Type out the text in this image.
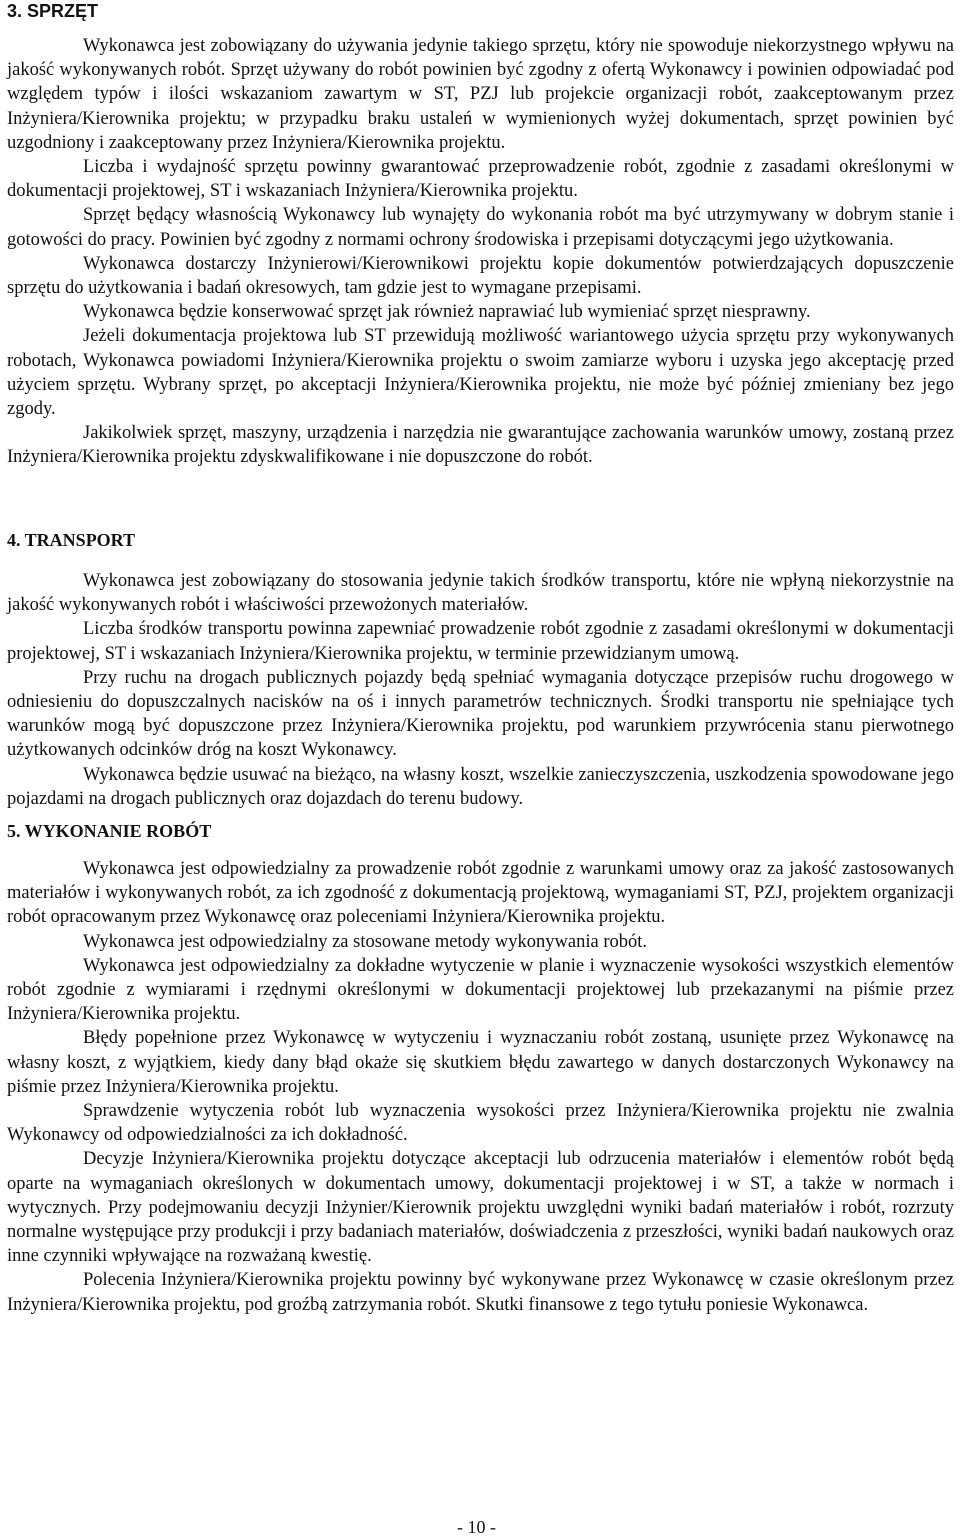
3. SPRZĘT

Wykonawca jest zobowiązany do używania jedynie takiego sprzętu, który nie spowoduje niekorzystnego wpływu na jakość wykonywanych robót. Sprzęt używany do robót powinien być zgodny z ofertą Wykonawcy i powinien odpowiadać pod względem typów i ilości wskazaniom zawartym w ST, PZJ lub projekcie organizacji robót, zaakceptowanym przez Inżyniera/Kierownika projektu; w przypadku braku ustaleń w wymienionych wyżej dokumentach, sprzęt powinien być uzgodniony i zaakceptowany przez Inżyniera/Kierownika projektu.

Liczba i wydajność sprzętu powinny gwarantować przeprowadzenie robót, zgodnie z zasadami określonymi w dokumentacji projektowej, ST i wskazaniach Inżyniera/Kierownika projektu.

Sprzęt będący własnością Wykonawcy lub wynajęty do wykonania robót ma być utrzymywany w dobrym stanie i gotowości do pracy. Powinien być zgodny z normami ochrony środowiska i przepisami dotyczącymi jego użytkowania.

Wykonawca dostarczy Inżynierowi/Kierownikowi projektu kopie dokumentów potwierdzających dopuszczenie sprzętu do użytkowania i badań okresowych, tam gdzie jest to wymagane przepisami.

Wykonawca będzie konserwować sprzęt jak również naprawiać lub wymieniać sprzęt niesprawny.

Jeżeli dokumentacja projektowa lub ST przewidują możliwość wariantowego użycia sprzętu przy wykonywanych robotach, Wykonawca powiadomi Inżyniera/Kierownika projektu o swoim zamiarze wyboru i uzyska jego akceptację przed użyciem sprzętu. Wybrany sprzęt, po akceptacji Inżyniera/Kierownika projektu, nie może być później zmieniany bez jego zgody.

Jakikolwiek sprzęt, maszyny, urządzenia i narzędzia nie gwarantujące zachowania warunków umowy, zostaną przez Inżyniera/Kierownika projektu zdyskwalifikowane i nie dopuszczone do robót.

4. TRANSPORT

Wykonawca jest zobowiązany do stosowania jedynie takich środków transportu, które nie wpłyną niekorzystnie na jakość wykonywanych robót i właściwości przewożonych materiałów.

Liczba środków transportu powinna zapewniać prowadzenie robót zgodnie z zasadami określonymi w dokumentacji projektowej, ST i wskazaniach Inżyniera/Kierownika projektu, w terminie przewidzianym umową.

Przy ruchu na drogach publicznych pojazdy będą spełniać wymagania dotyczące przepisów ruchu drogowego w odniesieniu do dopuszczalnych nacisków na oś i innych parametrów technicznych. Środki transportu nie spełniające tych warunków mogą być dopuszczone przez Inżyniera/Kierownika projektu, pod warunkiem przywrócenia stanu pierwotnego użytkowanych odcinków dróg na koszt Wykonawcy.

Wykonawca będzie usuwać na bieżąco, na własny koszt, wszelkie zanieczyszczenia, uszkodzenia spowodowane jego pojazdami na drogach publicznych oraz dojazdach do terenu budowy.

5. WYKONANIE ROBÓT

Wykonawca jest odpowiedzialny za prowadzenie robót zgodnie z warunkami umowy oraz za jakość zastosowanych materiałów i wykonywanych robót, za ich zgodność z dokumentacją projektową, wymaganiami ST, PZJ, projektem organizacji robót opracowanym przez Wykonawcę oraz poleceniami Inżyniera/Kierownika projektu.

Wykonawca jest odpowiedzialny za stosowane metody wykonywania robót.

Wykonawca jest odpowiedzialny za dokładne wytyczenie w planie i wyznaczenie wysokości wszystkich elementów robót zgodnie z wymiarami i rzędnymi określonymi w dokumentacji projektowej lub przekazanymi na piśmie przez Inżyniera/Kierownika projektu.

Błędy popełnione przez Wykonawcę w wytyczeniu i wyznaczaniu robót zostaną, usunięte przez Wykonawcę na własny koszt, z wyjątkiem, kiedy dany błąd okaże się skutkiem błędu zawartego w danych dostarczonych Wykonawcy na piśmie przez Inżyniera/Kierownika projektu.

Sprawdzenie wytyczenia robót lub wyznaczenia wysokości przez Inżyniera/Kierownika projektu nie zwalnia Wykonawcy od odpowiedzialności za ich dokładność.

Decyzje Inżyniera/Kierownika projektu dotyczące akceptacji lub odrzucenia materiałów i elementów robót będą oparte na wymaganiach określonych w dokumentach umowy, dokumentacji projektowej i w ST, a także w normach i wytycznych. Przy podejmowaniu decyzji Inżynier/Kierownik projektu uwzględni wyniki badań materiałów i robót, rozrzuty normalne występujące przy produkcji i przy badaniach materiałów, doświadczenia z przeszłości, wyniki badań naukowych oraz inne czynniki wpływające na rozważaną kwestię.

Polecenia Inżyniera/Kierownika projektu powinny być wykonywane przez Wykonawcę w czasie określonym przez Inżyniera/Kierownika projektu, pod groźbą zatrzymania robót. Skutki finansowe z tego tytułu poniesie Wykonawca.

- 10 -
